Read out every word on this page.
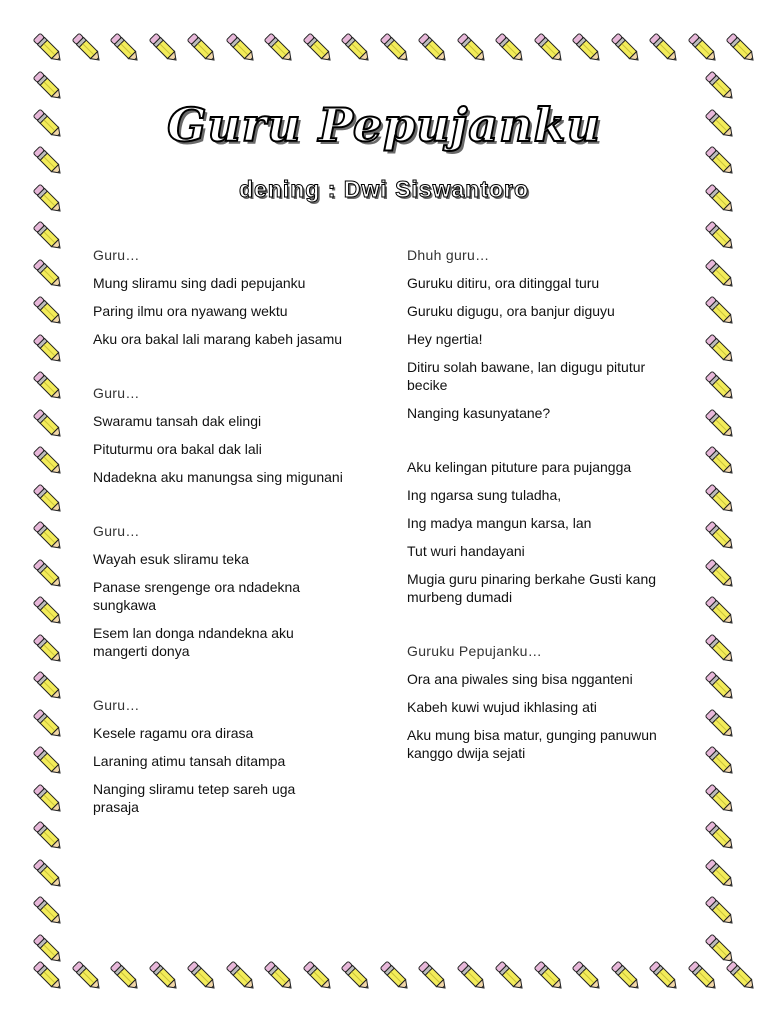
Guru Pepujanku
dening : Dwi Siswantoro

Guru…

Mung sliramu sing dadi pepujanku

Paring ilmu ora nyawang wektu

Aku ora bakal lali marang kabeh jasamu

Guru…

Swaramu tansah dak elingi

Pituturmu ora bakal dak lali

Ndadekna aku manungsa sing migunani

Guru…

Wayah esuk sliramu teka

Panase srengenge ora ndadekna sungkawa

Esem lan donga ndandekna aku mangerti donya

Guru…

Kesele ragamu ora dirasa

Laraning atimu tansah ditampa

Nanging sliramu tetep sareh uga prasaja

Dhuh guru…

Guruku ditiru, ora ditinggal turu

Guruku digugu, ora banjur diguyu

Hey ngertia!

Ditiru solah bawane, lan digugu pitutur becike

Nanging kasunyatane?

Aku kelingan pituture para pujangga

Ing ngarsa sung tuladha,

Ing madya mangun karsa, lan

Tut wuri handayani

Mugia guru pinaring berkahe Gusti kang murbeng dumadi

Guruku Pepujanku…

Ora ana piwales sing bisa ngganteni

Kabeh kuwi wujud ikhlasing ati

Aku mung bisa matur, gunging panuwun kanggo dwija sejati
